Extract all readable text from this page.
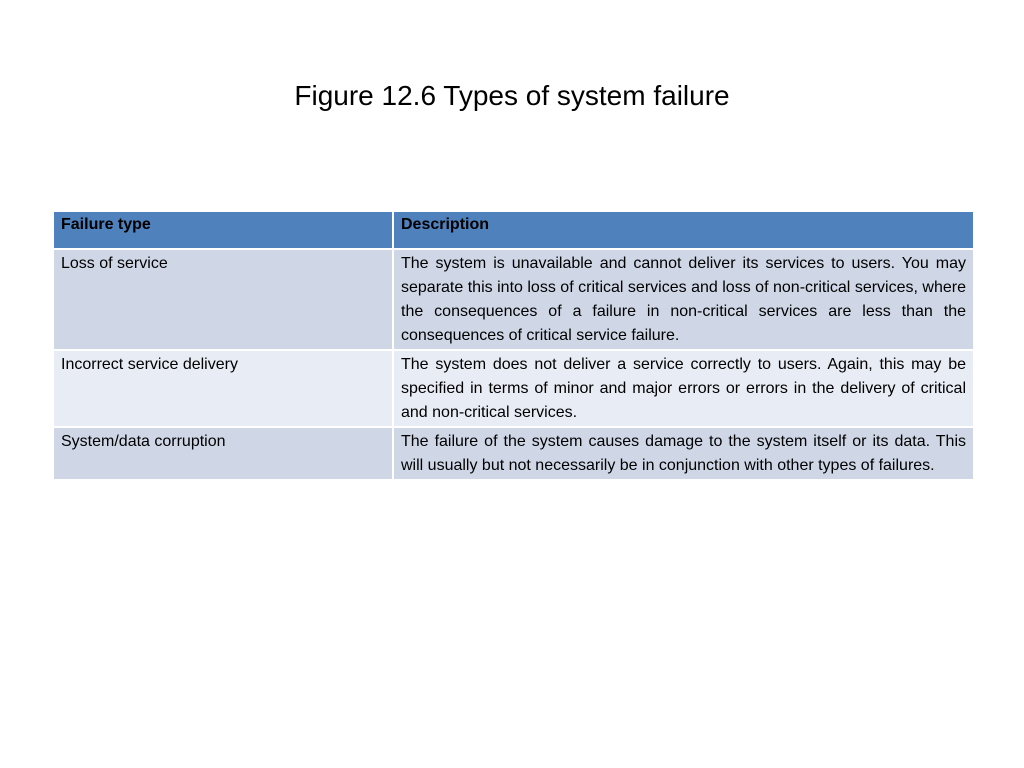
Figure 12.6 Types of system failure
Failure type	Description
Loss of service	The system is unavailable and cannot deliver its services to users. You may separate this into loss of critical services and loss of non-critical services, where the consequences of a failure in non-critical services are less than the consequences of critical service failure.
Incorrect service delivery	The system does not deliver a service correctly to users. Again, this may be specified in terms of minor and major errors or errors in the delivery of critical and non-critical services.
System/data corruption	The failure of the system causes damage to the system itself or its data. This will usually but not necessarily be in conjunction with other types of failures.
